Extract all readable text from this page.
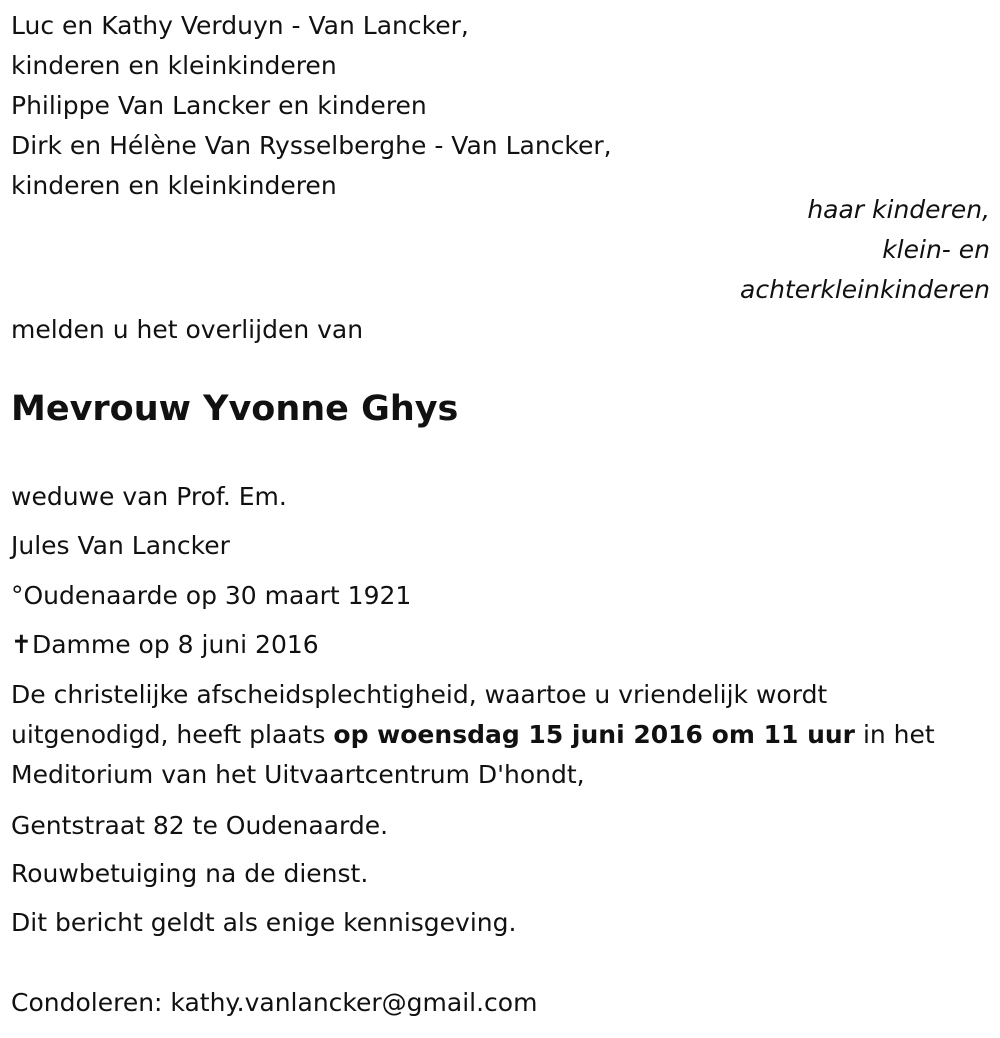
Luc en Kathy Verduyn - Van Lancker,
kinderen en kleinkinderen
Philippe Van Lancker en kinderen
Dirk en Hélène Van Rysselberghe - Van Lancker,
kinderen en kleinkinderen
haar kinderen,
klein- en
achterkleinkinderen
melden u het overlijden van
Mevrouw Yvonne Ghys
weduwe van Prof. Em.
Jules Van Lancker
°Oudenaarde op 30 maart 1921
✝Damme op 8 juni 2016
De christelijke afscheidsplechtigheid, waartoe u vriendelijk wordt uitgenodigd, heeft plaats op woensdag 15 juni 2016 om 11 uur in het Meditorium van het Uitvaartcentrum D'hondt,
Gentstraat 82 te Oudenaarde.
Rouwbetuiging na de dienst.
Dit bericht geldt als enige kennisgeving.
Condoleren: kathy.vanlancker@gmail.com
